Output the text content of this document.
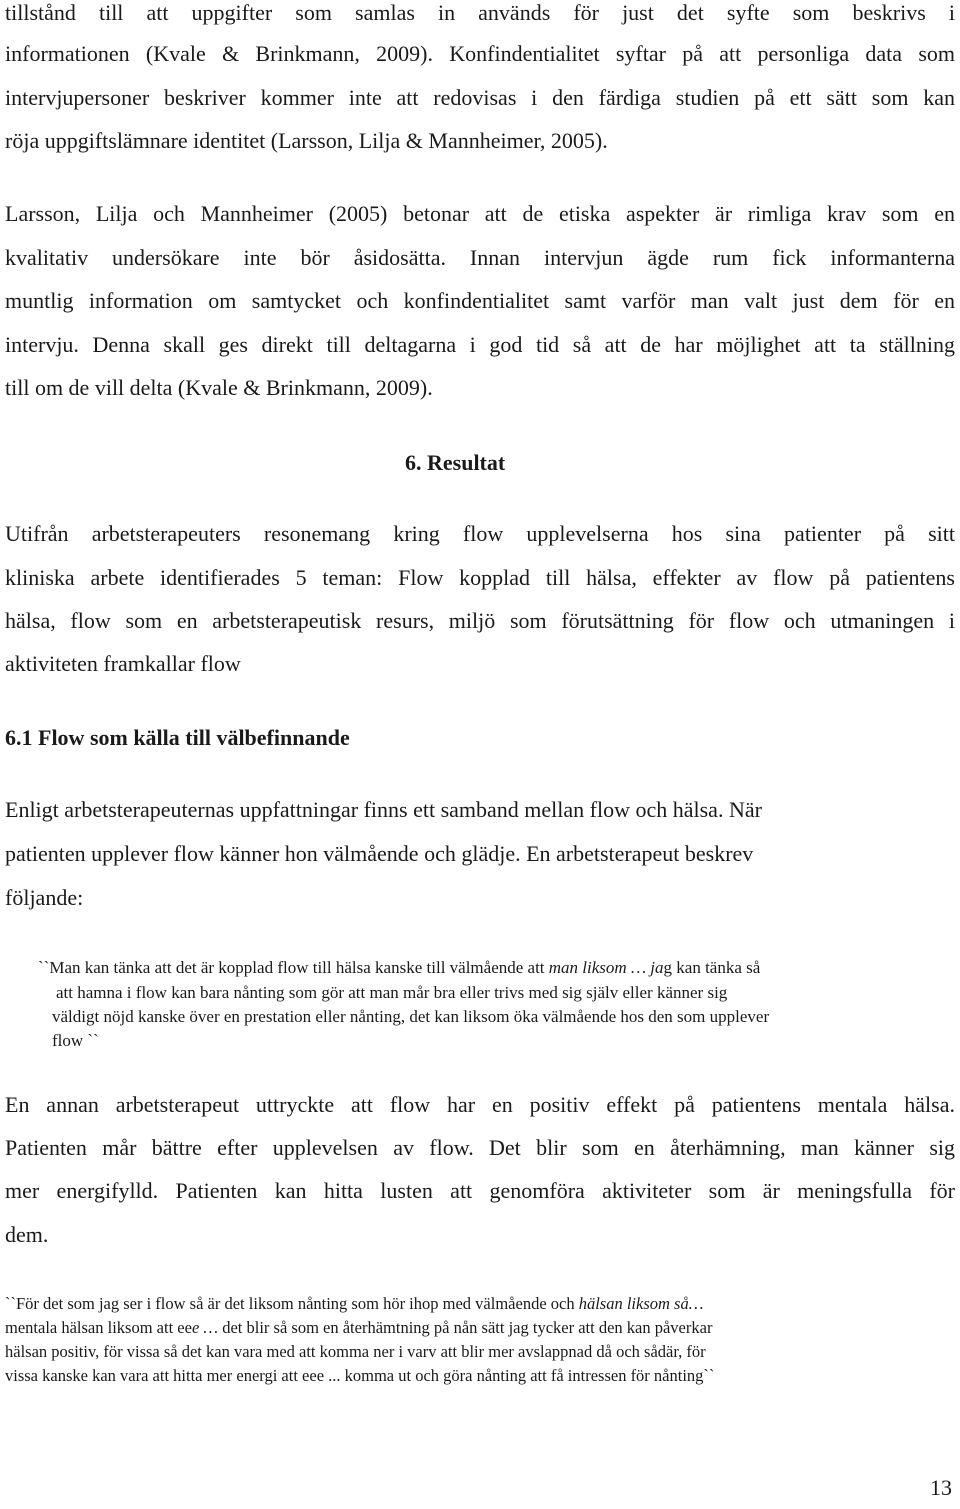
tillstånd till att uppgifter som samlas in används för just det syfte som beskrivs i
informationen (Kvale & Brinkmann, 2009). Konfindentialitet syftar på att personliga data som
intervjupersoner beskriver kommer inte att redovisas i den färdiga studien på ett sätt som kan
röja uppgiftslämnare identitet (Larsson, Lilja & Mannheimer, 2005).
Larsson, Lilja och Mannheimer (2005) betonar att de etiska aspekter är rimliga krav som en
kvalitativ undersökare inte bör åsidosätta. Innan intervjun ägde rum fick informanterna
muntlig information om samtycket och konfindentialitet samt varför man valt just dem för en
intervju. Denna skall ges direkt till deltagarna i god tid så att de har möjlighet att ta ställning
till om de vill delta (Kvale & Brinkmann, 2009).
6. Resultat
Utifrån arbetsterapeuters resonemang kring flow upplevelserna hos sina patienter på sitt
kliniska arbete identifierades 5 teman: Flow kopplad till hälsa, effekter av flow på patientens
hälsa, flow som en arbetsterapeutisk resurs, miljö som förutsättning för flow och utmaningen i
aktiviteten framkallar flow
6.1 Flow som källa till välbefinnande
Enligt arbetsterapeuternas uppfattningar finns ett samband mellan flow och hälsa. När
patienten upplever flow känner hon välmående och glädje. En arbetsterapeut beskrev
följande:
``Man kan tänka att det är kopplad flow till hälsa kanske till välmående att man liksom … jag kan tänka så
att hamna i flow kan bara nånting som gör att man mår bra eller trivs med sig själv eller känner sig
väldigt nöjd kanske över en prestation eller nånting, det kan liksom öka välmående hos den som upplever
flow ``
En annan arbetsterapeut uttryckte att flow har en positiv effekt på patientens mentala hälsa.
Patienten mår bättre efter upplevelsen av flow. Det blir som en återhämning, man känner sig
mer energifylld. Patienten kan hitta lusten att genomföra aktiviteter som är meningsfulla för
dem.
``För det som jag ser i flow så är det liksom nånting som hör ihop med välmående och hälsan liksom så…
mentala hälsan liksom att eee … det blir så som en återhämtning på nån sätt jag tycker att den kan påverkar
hälsan positiv, för vissa så det kan vara med att komma ner i varv att blir mer avslappnad då och sådär, för
vissa kanske kan vara att hitta mer energi att eee ... komma ut och göra nånting att få intressen för nånting``
13
